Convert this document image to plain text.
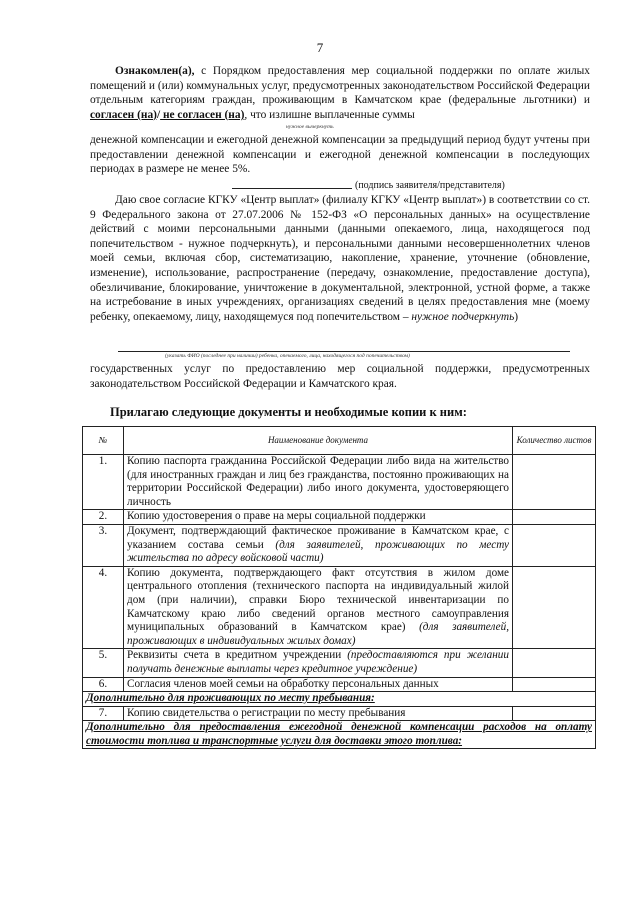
7
Ознакомлен(а), с Порядком предоставления мер социальной поддержки по оплате жилых помещений и (или) коммунальных услуг, предусмотренных законодательством Российской Федерации отдельным категориям граждан, проживающим в Камчатском крае (федеральные льготники) и согласен (на)/ не согласен (на), что излишне выплаченные суммы
нужное вычеркнуть
денежной компенсации и ежегодной денежной компенсации за предыдущий период будут учтены при предоставлении денежной компенсации и ежегодной денежной компенсации в последующих периодах в размере не менее 5%.
(подпись заявителя/представителя)
Даю свое согласие КГКУ «Центр выплат» (филиалу КГКУ «Центр выплат») в соответствии со ст. 9 Федерального закона от 27.07.2006 № 152-ФЗ «О персональных данных» на осуществление действий с моими персональными данными (данными опекаемого, лица, находящегося под попечительством - нужное подчеркнуть), и персональными данными несовершеннолетних членов моей семьи, включая сбор, систематизацию, накопление, хранение, уточнение (обновление, изменение), использование, распространение (передачу, ознакомление, предоставление доступа), обезличивание, блокирование, уничтожение в документальной, электронной, устной форме, а также на истребование в иных учреждениях, организациях сведений в целях предоставления мне (моему ребенку, опекаемому, лицу, находящемуся под попечительством – нужное подчеркнуть)
(указать ФИО (последнее при наличии) ребенка, опекаемого, лица, находящегося под попечительством)
государственных услуг по предоставлению мер социальной поддержки, предусмотренных законодательством Российской Федерации и Камчатского края.
Прилагаю следующие документы и необходимые копии к ним:
№	Наименование документа	Количество листов
1.	Копию паспорта гражданина Российской Федерации либо вида на жительство (для иностранных граждан и лиц без гражданства, постоянно проживающих на территории Российской Федерации) либо иного документа, удостоверяющего личность	
2.	Копию удостоверения о праве на меры социальной поддержки	
3.	Документ, подтверждающий фактическое проживание в Камчатском крае, с указанием состава семьи (для заявителей, проживающих по месту жительства по адресу войсковой части)	
4.	Копию документа, подтверждающего факт отсутствия в жилом доме центрального отопления (технического паспорта на индивидуальный жилой дом (при наличии), справки Бюро технической инвентаризации по Камчатскому краю либо сведений органов местного самоуправления муниципальных образований в Камчатском крае) (для заявителей, проживающих в индивидуальных жилых домах)	
5.	Реквизиты счета в кредитном учреждении (предоставляются при желании получать денежные выплаты через кредитное учреждение)	
6.	Согласия членов моей семьи на обработку персональных данных	
Дополнительно для проживающих по месту пребывания:		
7.	Копию свидетельства о регистрации по месту пребывания	
Дополнительно для предоставления ежегодной денежной компенсации расходов на оплату стоимости топлива и транспортные услуги для доставки этого топлива:		
